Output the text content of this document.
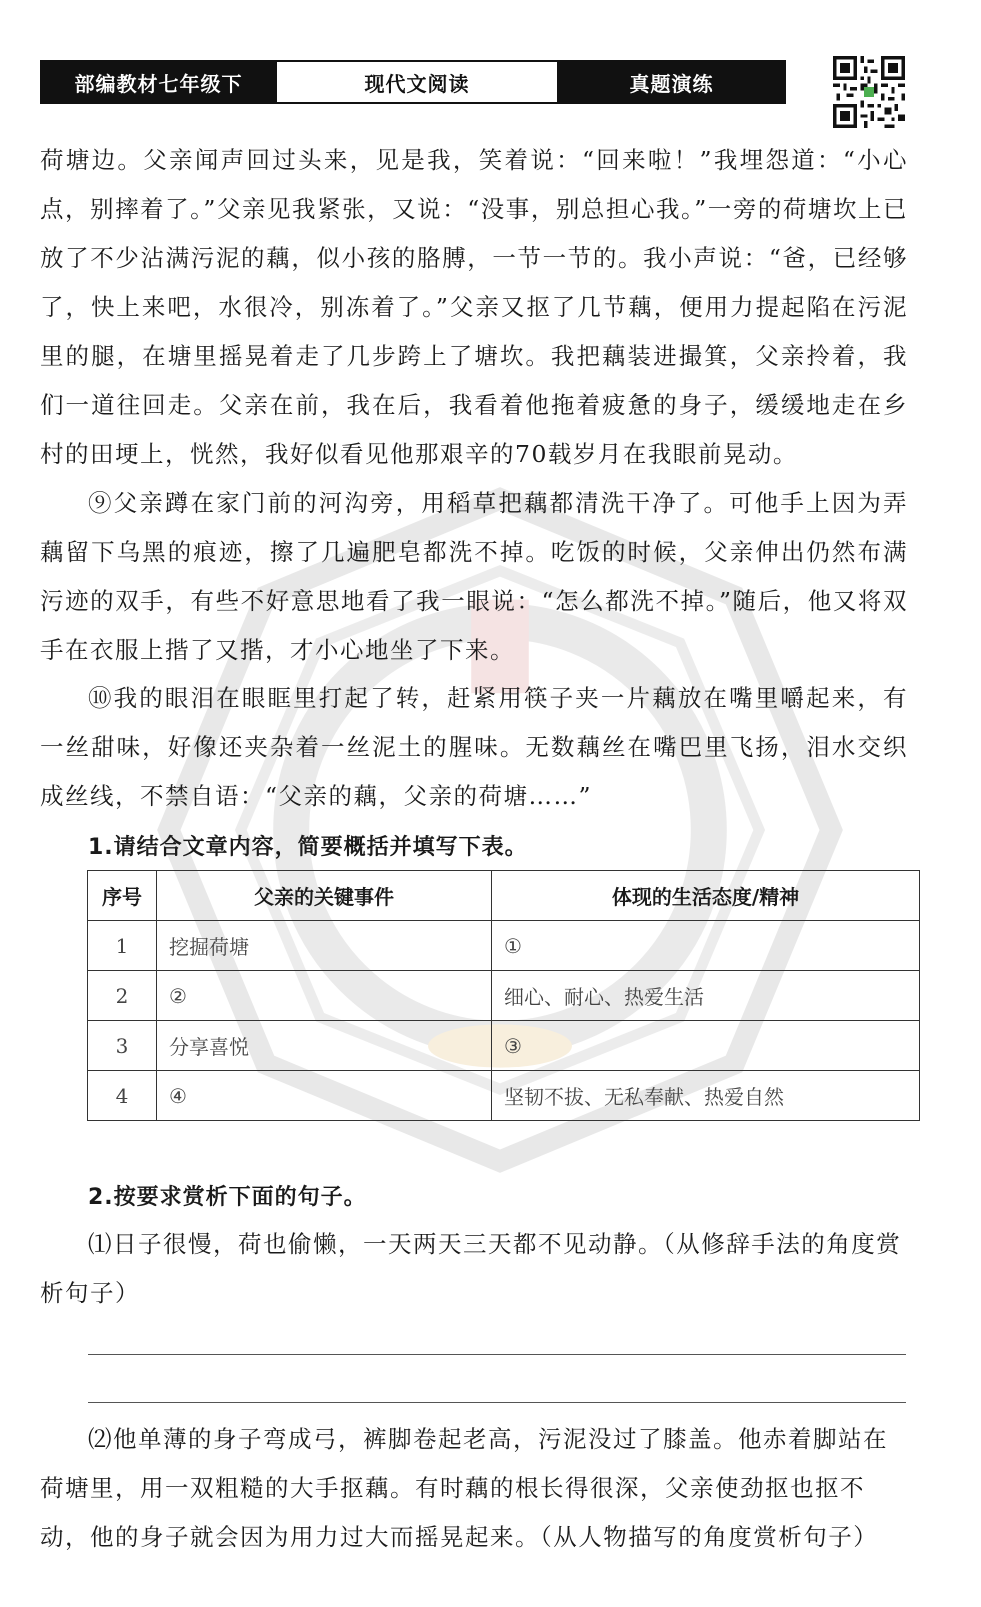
部编教材七年级下	现代文阅读	真题演练

荷塘边。父亲闻声回过头来，见是我，笑着说：“回来啦！”我埋怨道：“小心点，别摔着了。”父亲见我紧张，又说：“没事，别总担心我。”一旁的荷塘坎上已放了不少沾满污泥的藕，似小孩的胳膊，一节一节的。我小声说：“爸，已经够了，快上来吧，水很冷，别冻着了。”父亲又抠了几节藕，便用力提起陷在污泥里的腿，在塘里摇晃着走了几步跨上了塘坎。我把藕装进撮箕，父亲拎着，我们一道往回走。父亲在前，我在后，我看着他拖着疲惫的身子，缓缓地走在乡村的田埂上，恍然，我好似看见他那艰辛的70载岁月在我眼前晃动。

⑨父亲蹲在家门前的河沟旁，用稻草把藕都清洗干净了。可他手上因为弄藕留下乌黑的痕迹，擦了几遍肥皂都洗不掉。吃饭的时候，父亲伸出仍然布满污迹的双手，有些不好意思地看了我一眼说：“怎么都洗不掉。”随后，他又将双手在衣服上揩了又揩，才小心地坐了下来。

⑩我的眼泪在眼眶里打起了转，赶紧用筷子夹一片藕放在嘴里嚼起来，有一丝甜味，好像还夹杂着一丝泥土的腥味。无数藕丝在嘴巴里飞扬，泪水交织成丝线，不禁自语：“父亲的藕，父亲的荷塘……”

1.请结合文章内容，简要概括并填写下表。
序号	父亲的关键事件	体现的生活态度/精神
1	挖掘荷塘	①
2	②	细心、耐心、热爱生活
3	分享喜悦	③
4	④	坚韧不拔、无私奉献、热爱自然
2.按要求赏析下面的句子。

⑴日子很慢，荷也偷懒，一天两天三天都不见动静。（从修辞手法的角度赏析句子）

⑵他单薄的身子弯成弓，裤脚卷起老高，污泥没过了膝盖。他赤着脚站在荷塘里，用一双粗糙的大手抠藕。有时藕的根长得很深，父亲使劲抠也抠不动，他的身子就会因为用力过大而摇晃起来。（从人物描写的角度赏析句子）
